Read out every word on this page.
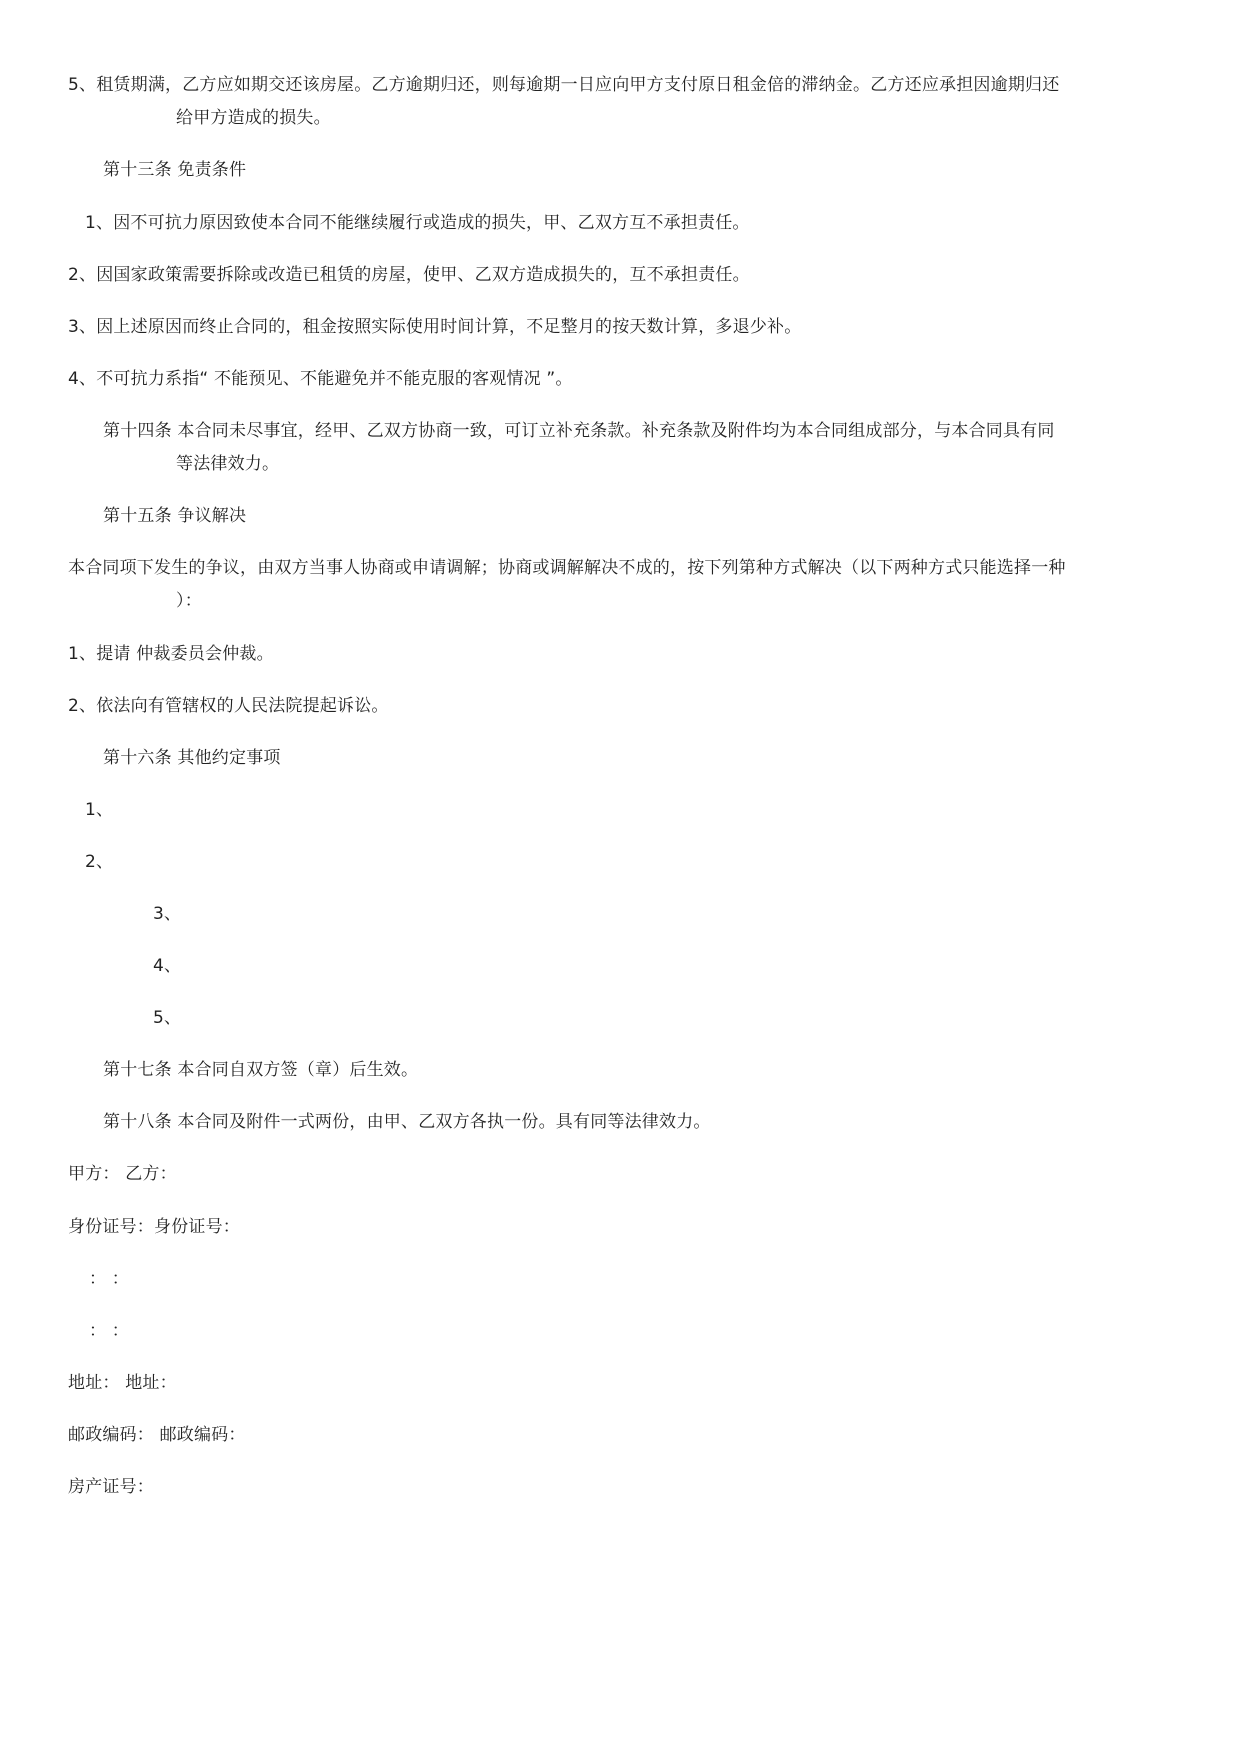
5、租赁期满，乙方应如期交还该房屋。乙方逾期归还，则每逾期一日应向甲方支付原日租金倍的滞纳金。乙方还应承担因逾期归还
给甲方造成的损失。
第十三条 免责条件
1、因不可抗力原因致使本合同不能继续履行或造成的损失，甲、乙双方互不承担责任。
2、因国家政策需要拆除或改造已租赁的房屋，使甲、乙双方造成损失的，互不承担责任。
3、因上述原因而终止合同的，租金按照实际使用时间计算，不足整月的按天数计算，多退少补。
4、不可抗力系指“ 不能预见、不能避免并不能克服的客观情况 ”。
第十四条 本合同未尽事宜，经甲、乙双方协商一致，可订立补充条款。补充条款及附件均为本合同组成部分，与本合同具有同
等法律效力。
第十五条 争议解决
本合同项下发生的争议，由双方当事人协商或申请调解；协商或调解解决不成的，按下列第种方式解决（以下两种方式只能选择一种
）：
1、提请 仲裁委员会仲裁。
2、依法向有管辖权的人民法院提起诉讼。
第十六条 其他约定事项
1、
2、
3、
4、
5、
第十七条 本合同自双方签（章）后生效。
第十八条 本合同及附件一式两份，由甲、乙双方各执一份。具有同等法律效力。
甲方： 乙方：
身份证号：身份证号：
： ：
： ：
地址： 地址：
邮政编码： 邮政编码：
房产证号：
